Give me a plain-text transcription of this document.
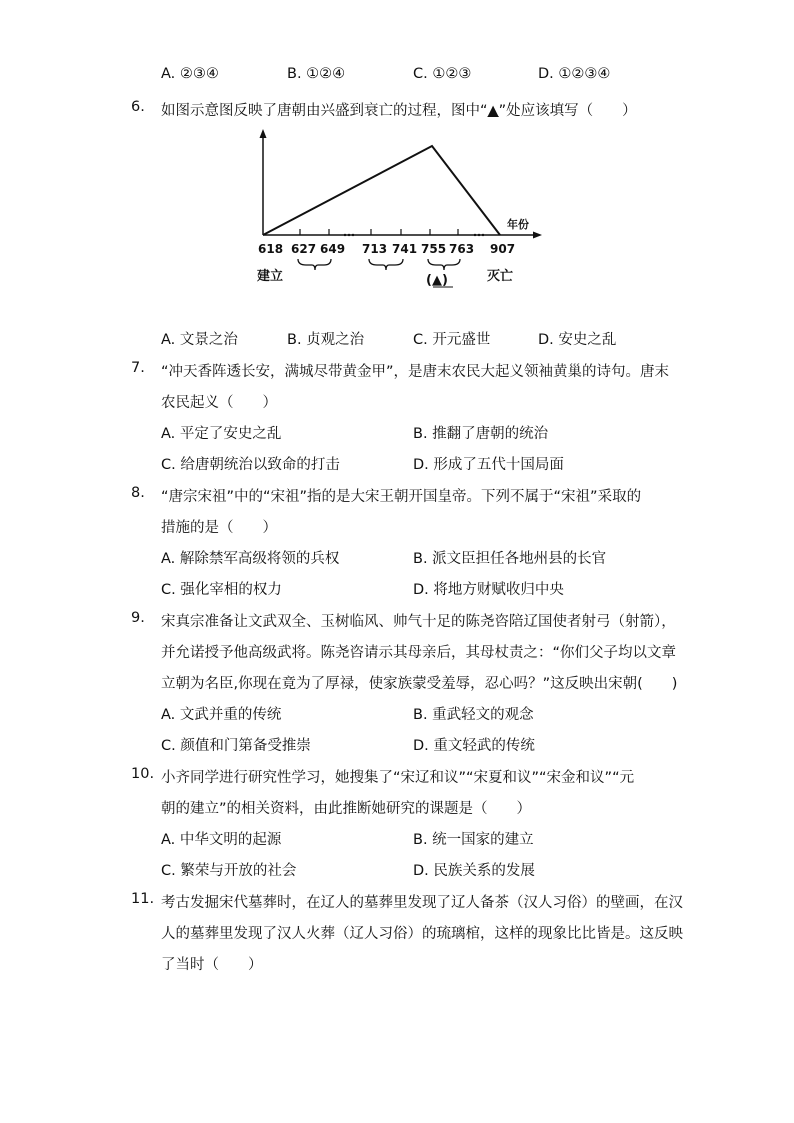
A. ②③④	B. ①②④	C. ①②③	D. ①②③④
6. 如图示意图反映了唐朝由兴盛到衰亡的过程，图中“▲”处应该填写（　　）
618 627 649 713 741 755 763 907
年份
建立	灭亡
(▲)
A. 文景之治	B. 贞观之治	C. 开元盛世	D. 安史之乱
7. “冲天香阵透长安，满城尽带黄金甲”，是唐末农民大起义领袖黄巢的诗句。唐末
农民起义（　　）
A. 平定了安史之乱	B. 推翻了唐朝的统治
C. 给唐朝统治以致命的打击	D. 形成了五代十国局面
8. “唐宗宋祖”中的“宋祖”指的是大宋王朝开国皇帝。下列不属于“宋祖”采取的
措施的是（　　）
A. 解除禁军高级将领的兵权	B. 派文臣担任各地州县的长官
C. 强化宰相的权力	D. 将地方财赋收归中央
9. 宋真宗准备让文武双全、玉树临风、帅气十足的陈尧咨陪辽国使者射弓（射箭），
并允诺授予他高级武将。陈尧咨请示其母亲后，其母杖责之：“你们父子均以文章
立朝为名臣,你现在竟为了厚禄，使家族蒙受羞辱，忍心吗？”这反映出宋朝(　　)
A. 文武并重的传统	B. 重武轻文的观念
C. 颜值和门第备受推崇	D. 重文轻武的传统
10. 小齐同学进行研究性学习，她搜集了“宋辽和议”“宋夏和议”“宋金和议”“元
朝的建立”的相关资料，由此推断她研究的课题是（　　）
A. 中华文明的起源	B. 统一国家的建立
C. 繁荣与开放的社会	D. 民族关系的发展
11. 考古发掘宋代墓葬时，在辽人的墓葬里发现了辽人备茶（汉人习俗）的壁画，在汉
人的墓葬里发现了汉人火葬（辽人习俗）的琉璃棺，这样的现象比比皆是。这反映
了当时（　　）
